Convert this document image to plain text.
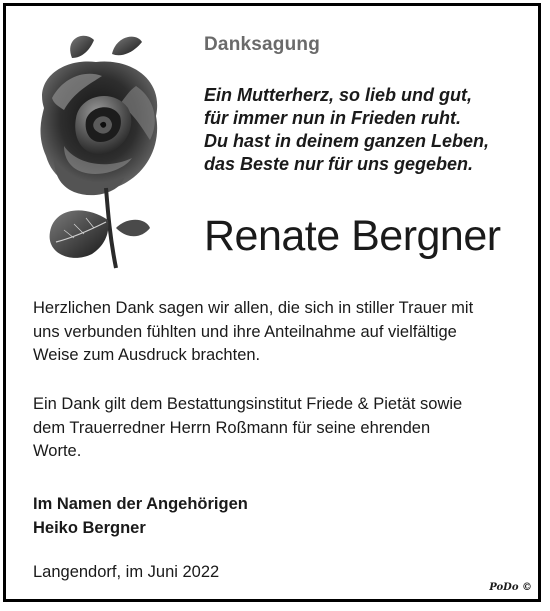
Danksagung
Ein Mutterherz, so lieb und gut,
für immer nun in Frieden ruht.
Du hast in deinem ganzen Leben,
das Beste nur für uns gegeben.
Renate Bergner
Herzlichen Dank sagen wir allen, die sich in stiller Trauer mit
uns verbunden fühlten und ihre Anteilnahme auf vielfältige
Weise zum Ausdruck brachten.
Ein Dank gilt dem Bestattungsinstitut Friede & Pietät sowie
dem Trauerredner Herrn Roßmann für seine ehrenden
Worte.
Im Namen der Angehörigen
Heiko Bergner
Langendorf, im Juni 2022
PoDo ©
